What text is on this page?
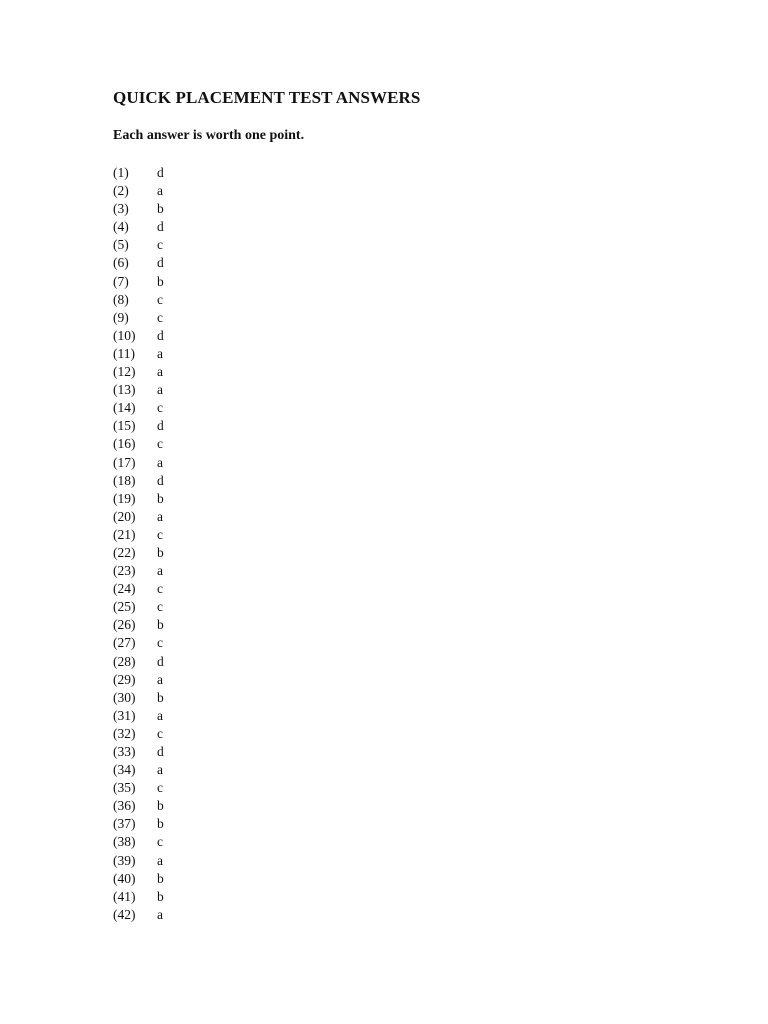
QUICK PLACEMENT TEST ANSWERS
Each answer is worth one point.
(1) d
(2) a
(3) b
(4) d
(5) c
(6) d
(7) b
(8) c
(9) c
(10) d
(11) a
(12) a
(13) a
(14) c
(15) d
(16) c
(17) a
(18) d
(19) b
(20) a
(21) c
(22) b
(23) a
(24) c
(25) c
(26) b
(27) c
(28) d
(29) a
(30) b
(31) a
(32) c
(33) d
(34) a
(35) c
(36) b
(37) b
(38) c
(39) a
(40) b
(41) b
(42) a
